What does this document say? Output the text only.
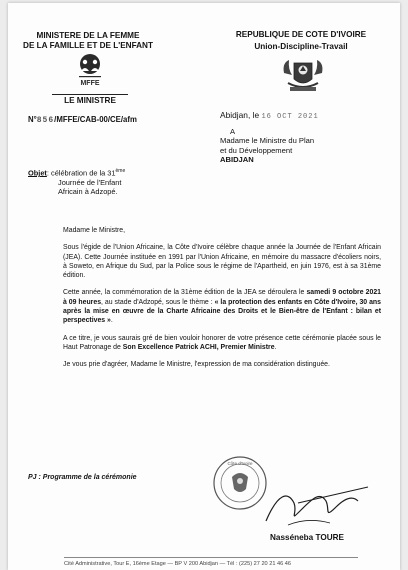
MINISTERE DE LA FEMME
DE LA FAMILLE ET DE L'ENFANT
MFFE
LE MINISTRE
N°856/MFFE/CAB-00/CE/afm
REPUBLIQUE DE COTE D'IVOIRE
Union-Discipline-Travail
Abidjan, le 16 OCT 2021
A
Madame le Ministre du Plan
et du Développement
ABIDJAN
Objet: célébration de la 31ème
Journée de l'Enfant
Africain à Adzopé.
Madame le Ministre,
Sous l'égide de l'Union Africaine, la Côte d'Ivoire célèbre chaque année la Journée de l'Enfant Africain (JEA). Cette Journée instituée en 1991 par l'Union Africaine, en mémoire du massacre d'écoliers noirs, à Soweto, en Afrique du Sud, par la Police sous le régime de l'Apartheid, en juin 1976, est à sa 31ème édition.
Cette année, la commémoration de la 31ème édition de la JEA se déroulera le samedi 9 octobre 2021 à 09 heures, au stade d'Adzopé, sous le thème : « la protection des enfants en Côte d'Ivoire, 30 ans après la mise en œuvre de la Charte Africaine des Droits et le Bien-être de l'Enfant : bilan et perspectives ».
A ce titre, je vous saurais gré de bien vouloir honorer de votre présence cette cérémonie placée sous le Haut Patronage de Son Excellence Patrick ACHI, Premier Ministre.
Je vous prie d'agréer, Madame le Ministre, l'expression de ma considération distinguée.
PJ : Programme de la cérémonie
Côte d'Ivoire
Nasséneba TOURE
Cité Administrative, Tour E, 16ème Etage — BP V 200 Abidjan — Tél : (225) 27 20 21 46 46
